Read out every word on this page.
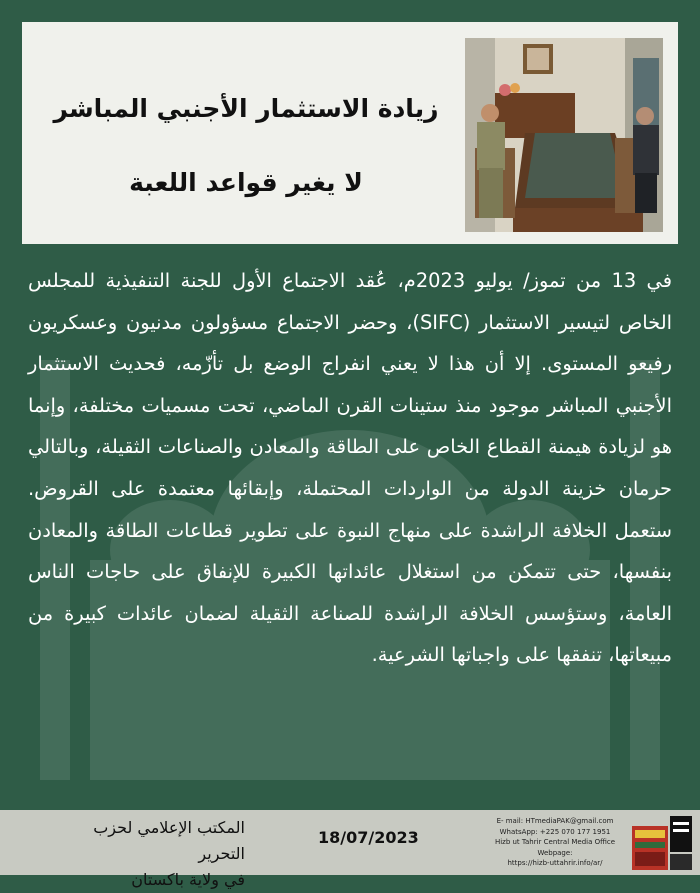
زيادة الاستثمار الأجنبي المباشر
لا يغير قواعد اللعبة
في 13 من تموز/ يوليو 2023م، عُقد الاجتماع الأول للجنة التنفيذية للمجلس الخاص لتيسير الاستثمار (SIFC)، وحضر الاجتماع مسؤولون مدنيون وعسكريون رفيعو المستوى. إلا أن هذا لا يعني انفراج الوضع بل تأزّمه، فحديث الاستثمار الأجنبي المباشر موجود منذ ستينات القرن الماضي، تحت مسميات مختلفة، وإنما هو لزيادة هيمنة القطاع الخاص على الطاقة والمعادن والصناعات الثقيلة، وبالتالي حرمان خزينة الدولة من الواردات المحتملة، وإبقائها معتمدة على القروض. ستعمل الخلافة الراشدة على منهاج النبوة على تطوير قطاعات الطاقة والمعادن بنفسها، حتى تتمكن من استغلال عائداتها الكبيرة للإنفاق على حاجات الناس العامة، وستؤسس الخلافة الراشدة للصناعة الثقيلة لضمان عائدات كبيرة من مبيعاتها، تنفقها على واجباتها الشرعية.
المكتب الإعلامي لحزب التحرير
في ولاية باكستان
18/07/2023
E- mail: HTmediaPAK@gmail.com
WhatsApp: +225 070 177 1951
Hizb ut Tahrir Central Media Office Webpage:
https://hizb-uttahrir.info/ar/
